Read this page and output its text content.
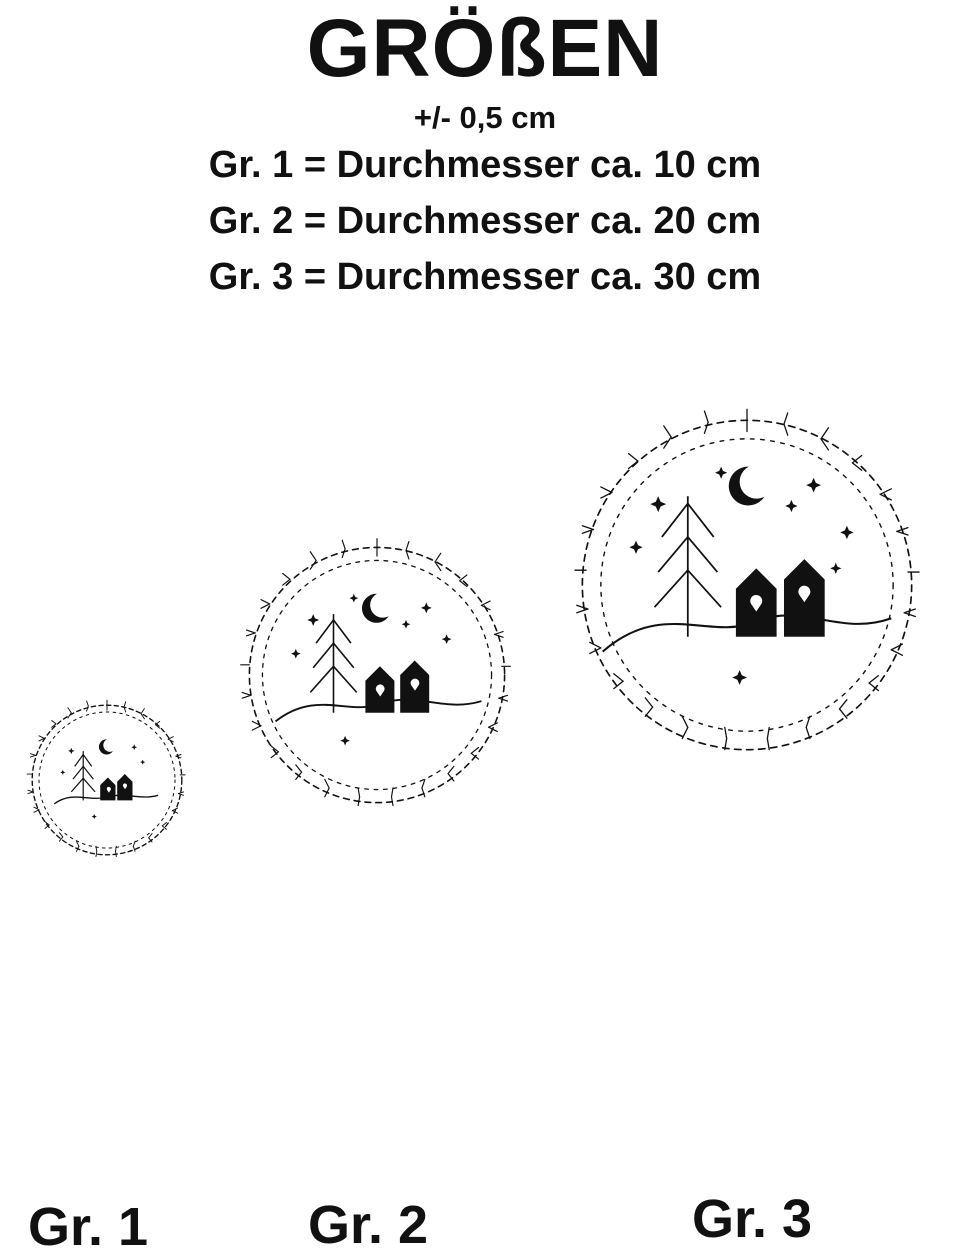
GRÖßEN
+/- 0,5 cm
Gr. 1 = Durchmesser ca. 10 cm
Gr. 2 = Durchmesser ca. 20 cm
Gr. 3 = Durchmesser ca. 30 cm
Gr. 1	Gr. 2	Gr. 3
